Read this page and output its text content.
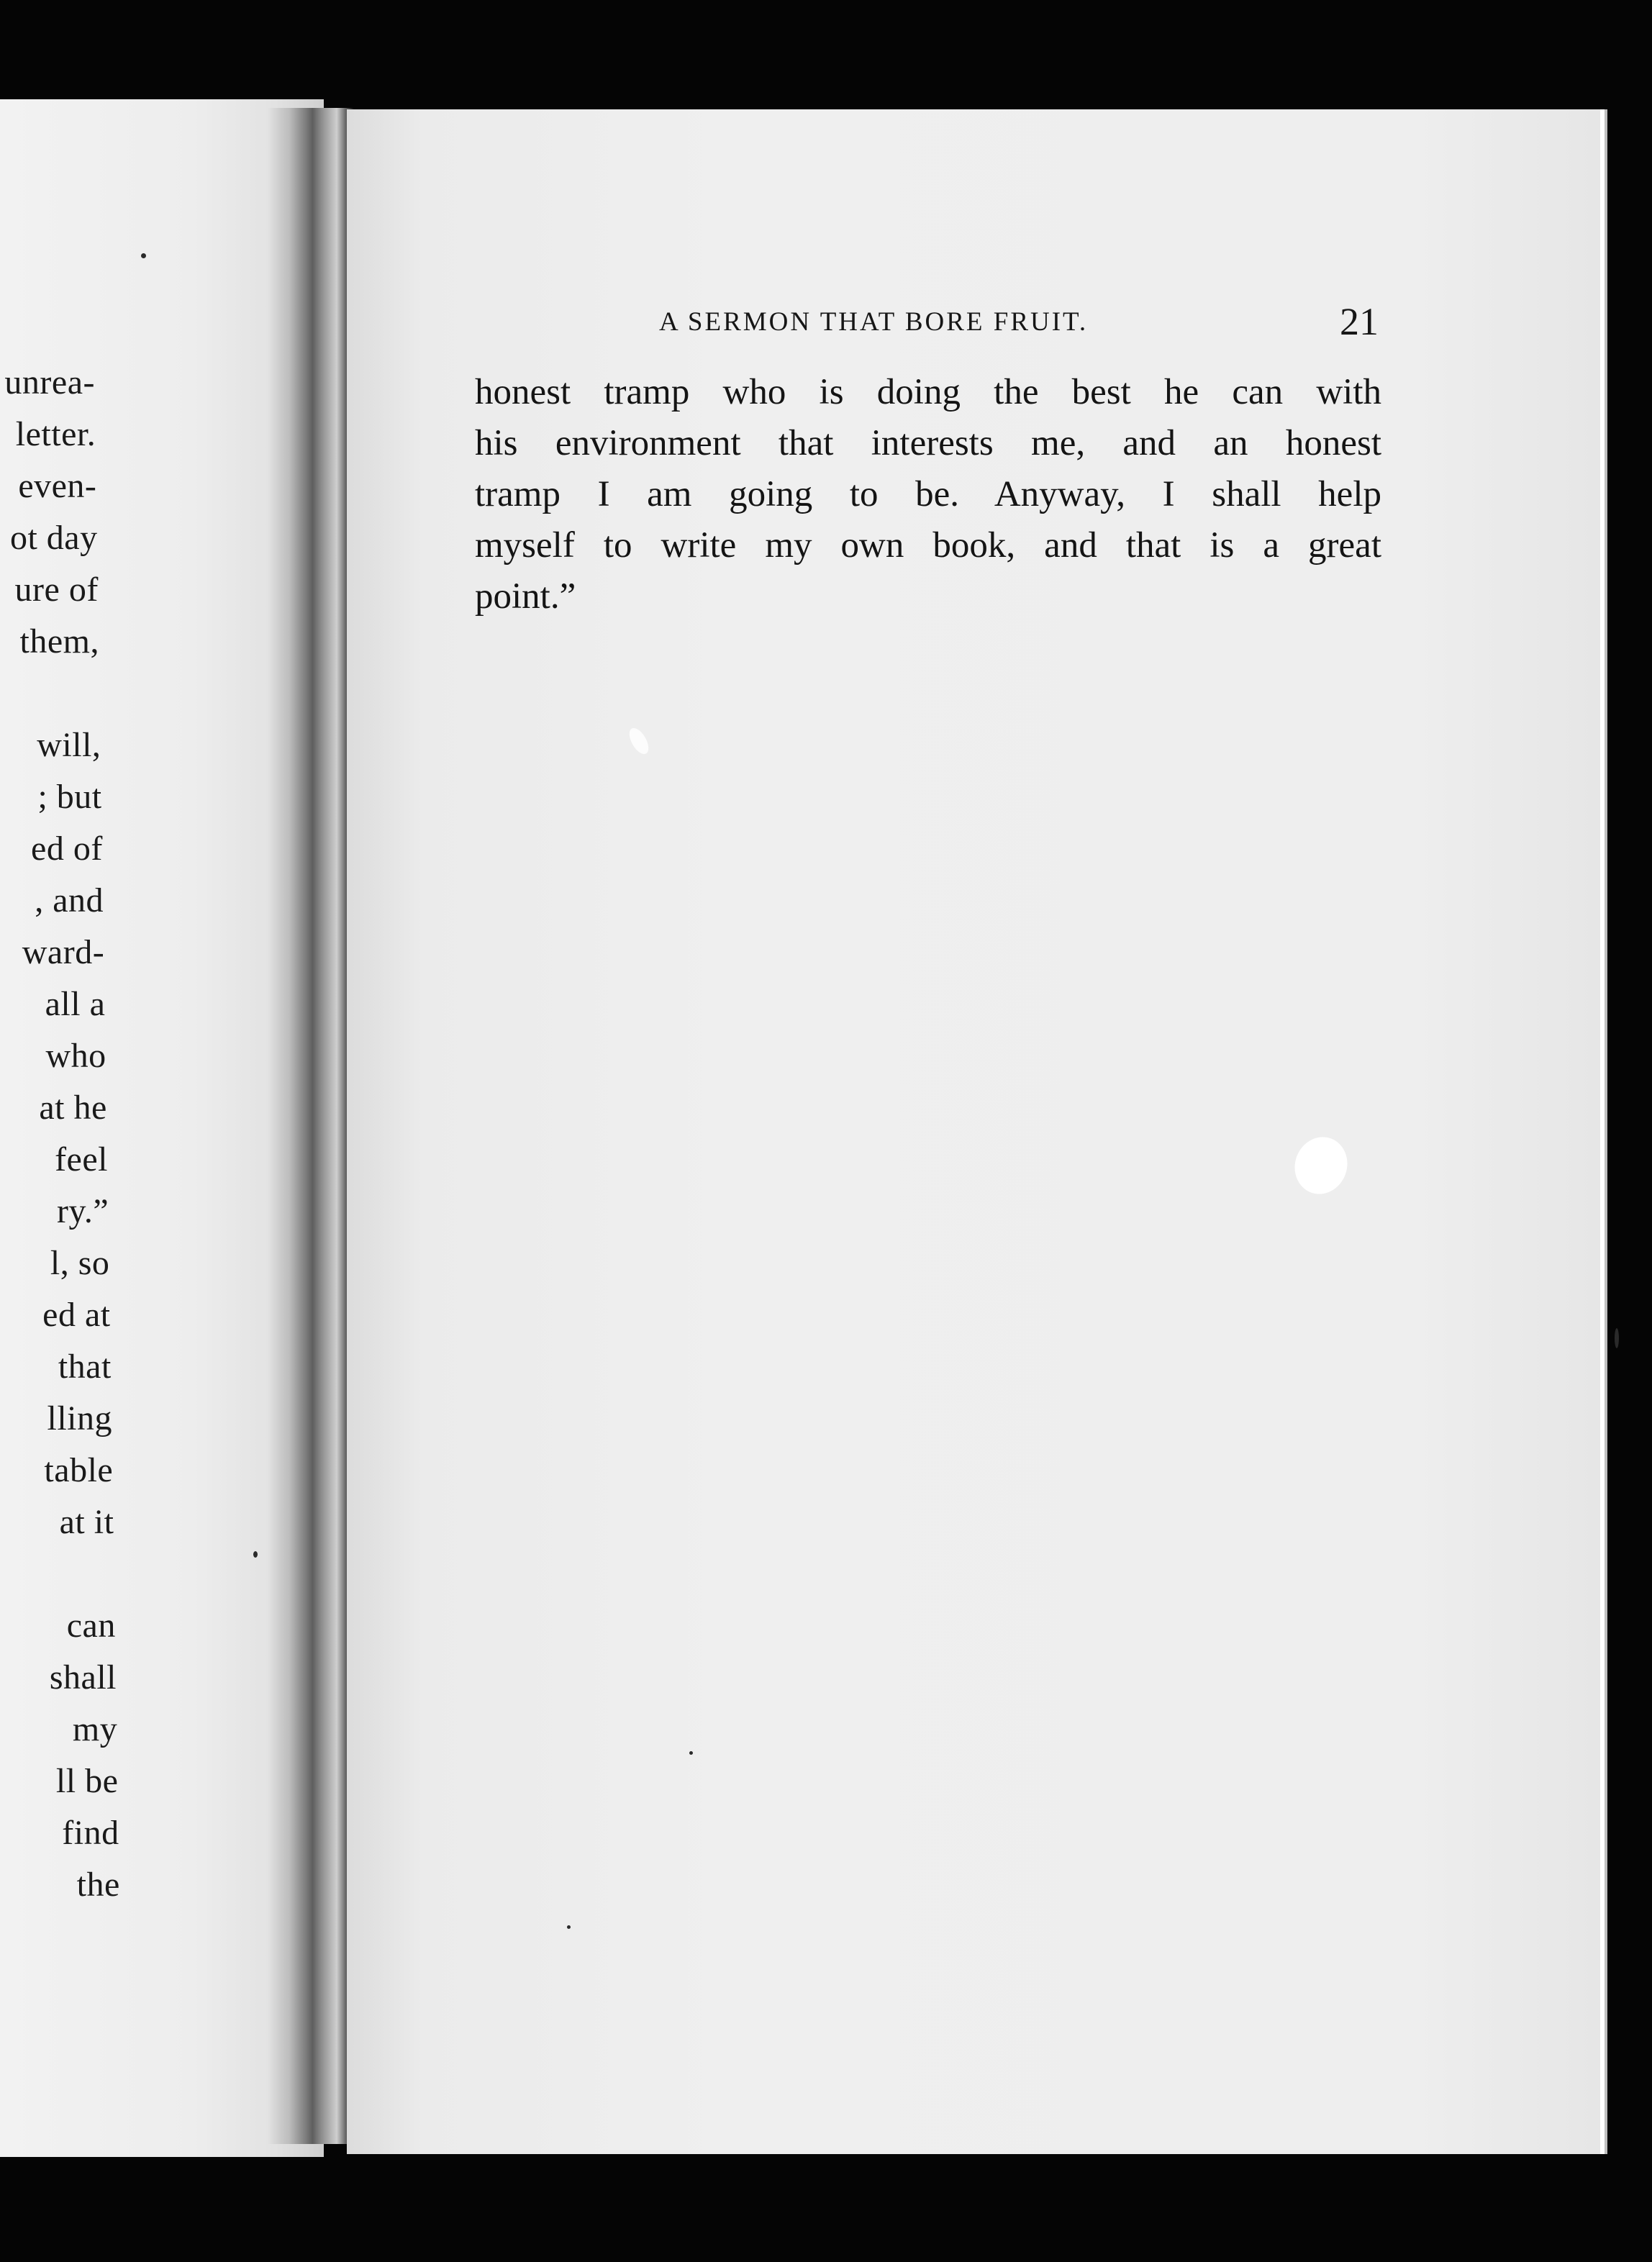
unrea-
letter.
even-
ot day
ure of
them,
will,
; but
ed of
, and
ward-
all a
who
at he
feel
ry.”
l, so
ed at
that
lling
table
at it
can
shall
my
ll be
find
the
A SERMON THAT BORE FRUIT.	21
honest tramp who is doing the best he can with
his environment that interests me, and an honest
tramp I am going to be. Anyway, I shall help
myself to write my own book, and that is a great
point.”
